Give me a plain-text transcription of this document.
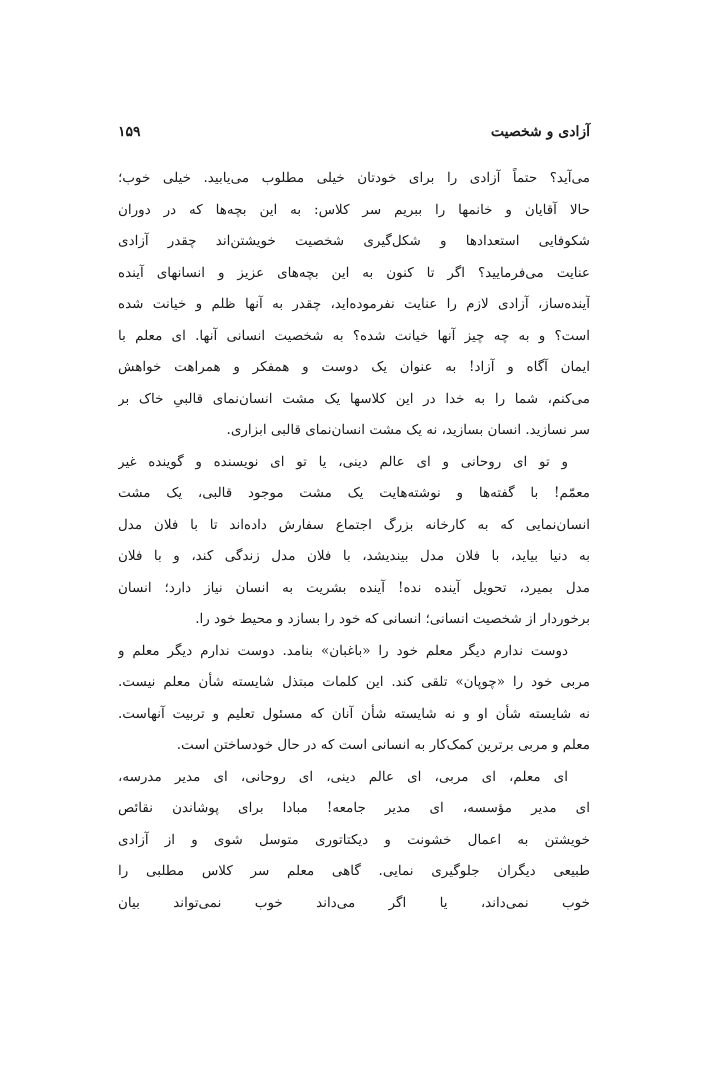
آزادی و شخصیت
۱۵۹
می‌آید؟ حتماً آزادی را برای خودتان خیلی مطلوب می‌یابید. خیلی خوب؛
حالا آقایان و خانمها را ببریم سر کلاس: به این بچه‌ها که در دوران
شکوفایی استعدادها و شکل‌گیری شخصیت خویشتن‌اند چقدر آزادی
عنایت می‌فرمایید؟ اگر تا کنون به این بچه‌های عزیز و انسانهای آینده
آینده‌ساز، آزادی لازم را عنایت نفرموده‌اید، چقدر به آنها ظلم و خیانت شده
است؟ و به چه چیز آنها خیانت شده؟ به شخصیت انسانی آنها. ای معلم با
ایمان آگاه و آزاد! به عنوان یک دوست و همفکر و همراهت خواهش
می‌کنم، شما را به خدا در این کلاسها یک مشت انسان‌نمای قالبیِ خاک بر
سر نسازید. انسان بسازید، نه یک مشت انسان‌نمای قالبی ابزاری.
و تو ای روحانی و ای عالم دینی، یا تو ای نویسنده و گوینده غیر
معمّم! با گفته‌ها و نوشته‌هایت یک مشت موجود قالبی، یک مشت
انسان‌نمایی که به کارخانه بزرگ اجتماع سفارش داده‌اند تا با فلان مدل
به دنیا بیاید، با فلان مدل بیندیشد، با فلان مدل زندگی کند، و با فلان
مدل بمیرد، تحویل آینده نده! آینده بشریت به انسان نیاز دارد؛ انسان
برخوردار از شخصیت انسانی؛ انسانی که خود را بسازد و محیط خود را.
دوست ندارم دیگر معلم خود را «باغبان» بنامد. دوست ندارم دیگر معلم و
مربی خود را «چوپان» تلقی کند. این کلمات مبتذل شایسته شأن معلم نیست.
نه شایسته شأن او و نه شایسته شأن آنان که مسئول تعلیم و تربیت آنهاست.
معلم و مربی برترین کمک‌کار به انسانی است که در حال خودساختن است.
ای معلم، ای مربی، ای عالم دینی، ای روحانی، ای مدیر مدرسه،
ای مدیر مؤسسه، ای مدیر جامعه! مبادا برای پوشاندن نقائص
خویشتن به اعمال خشونت و دیکتاتوری متوسل شوی و از آزادی
طبیعی دیگران جلوگیری نمایی. گاهی معلم سر کلاس مطلبی را
خوب نمی‌داند، یا اگر می‌داند خوب نمی‌تواند بیان
